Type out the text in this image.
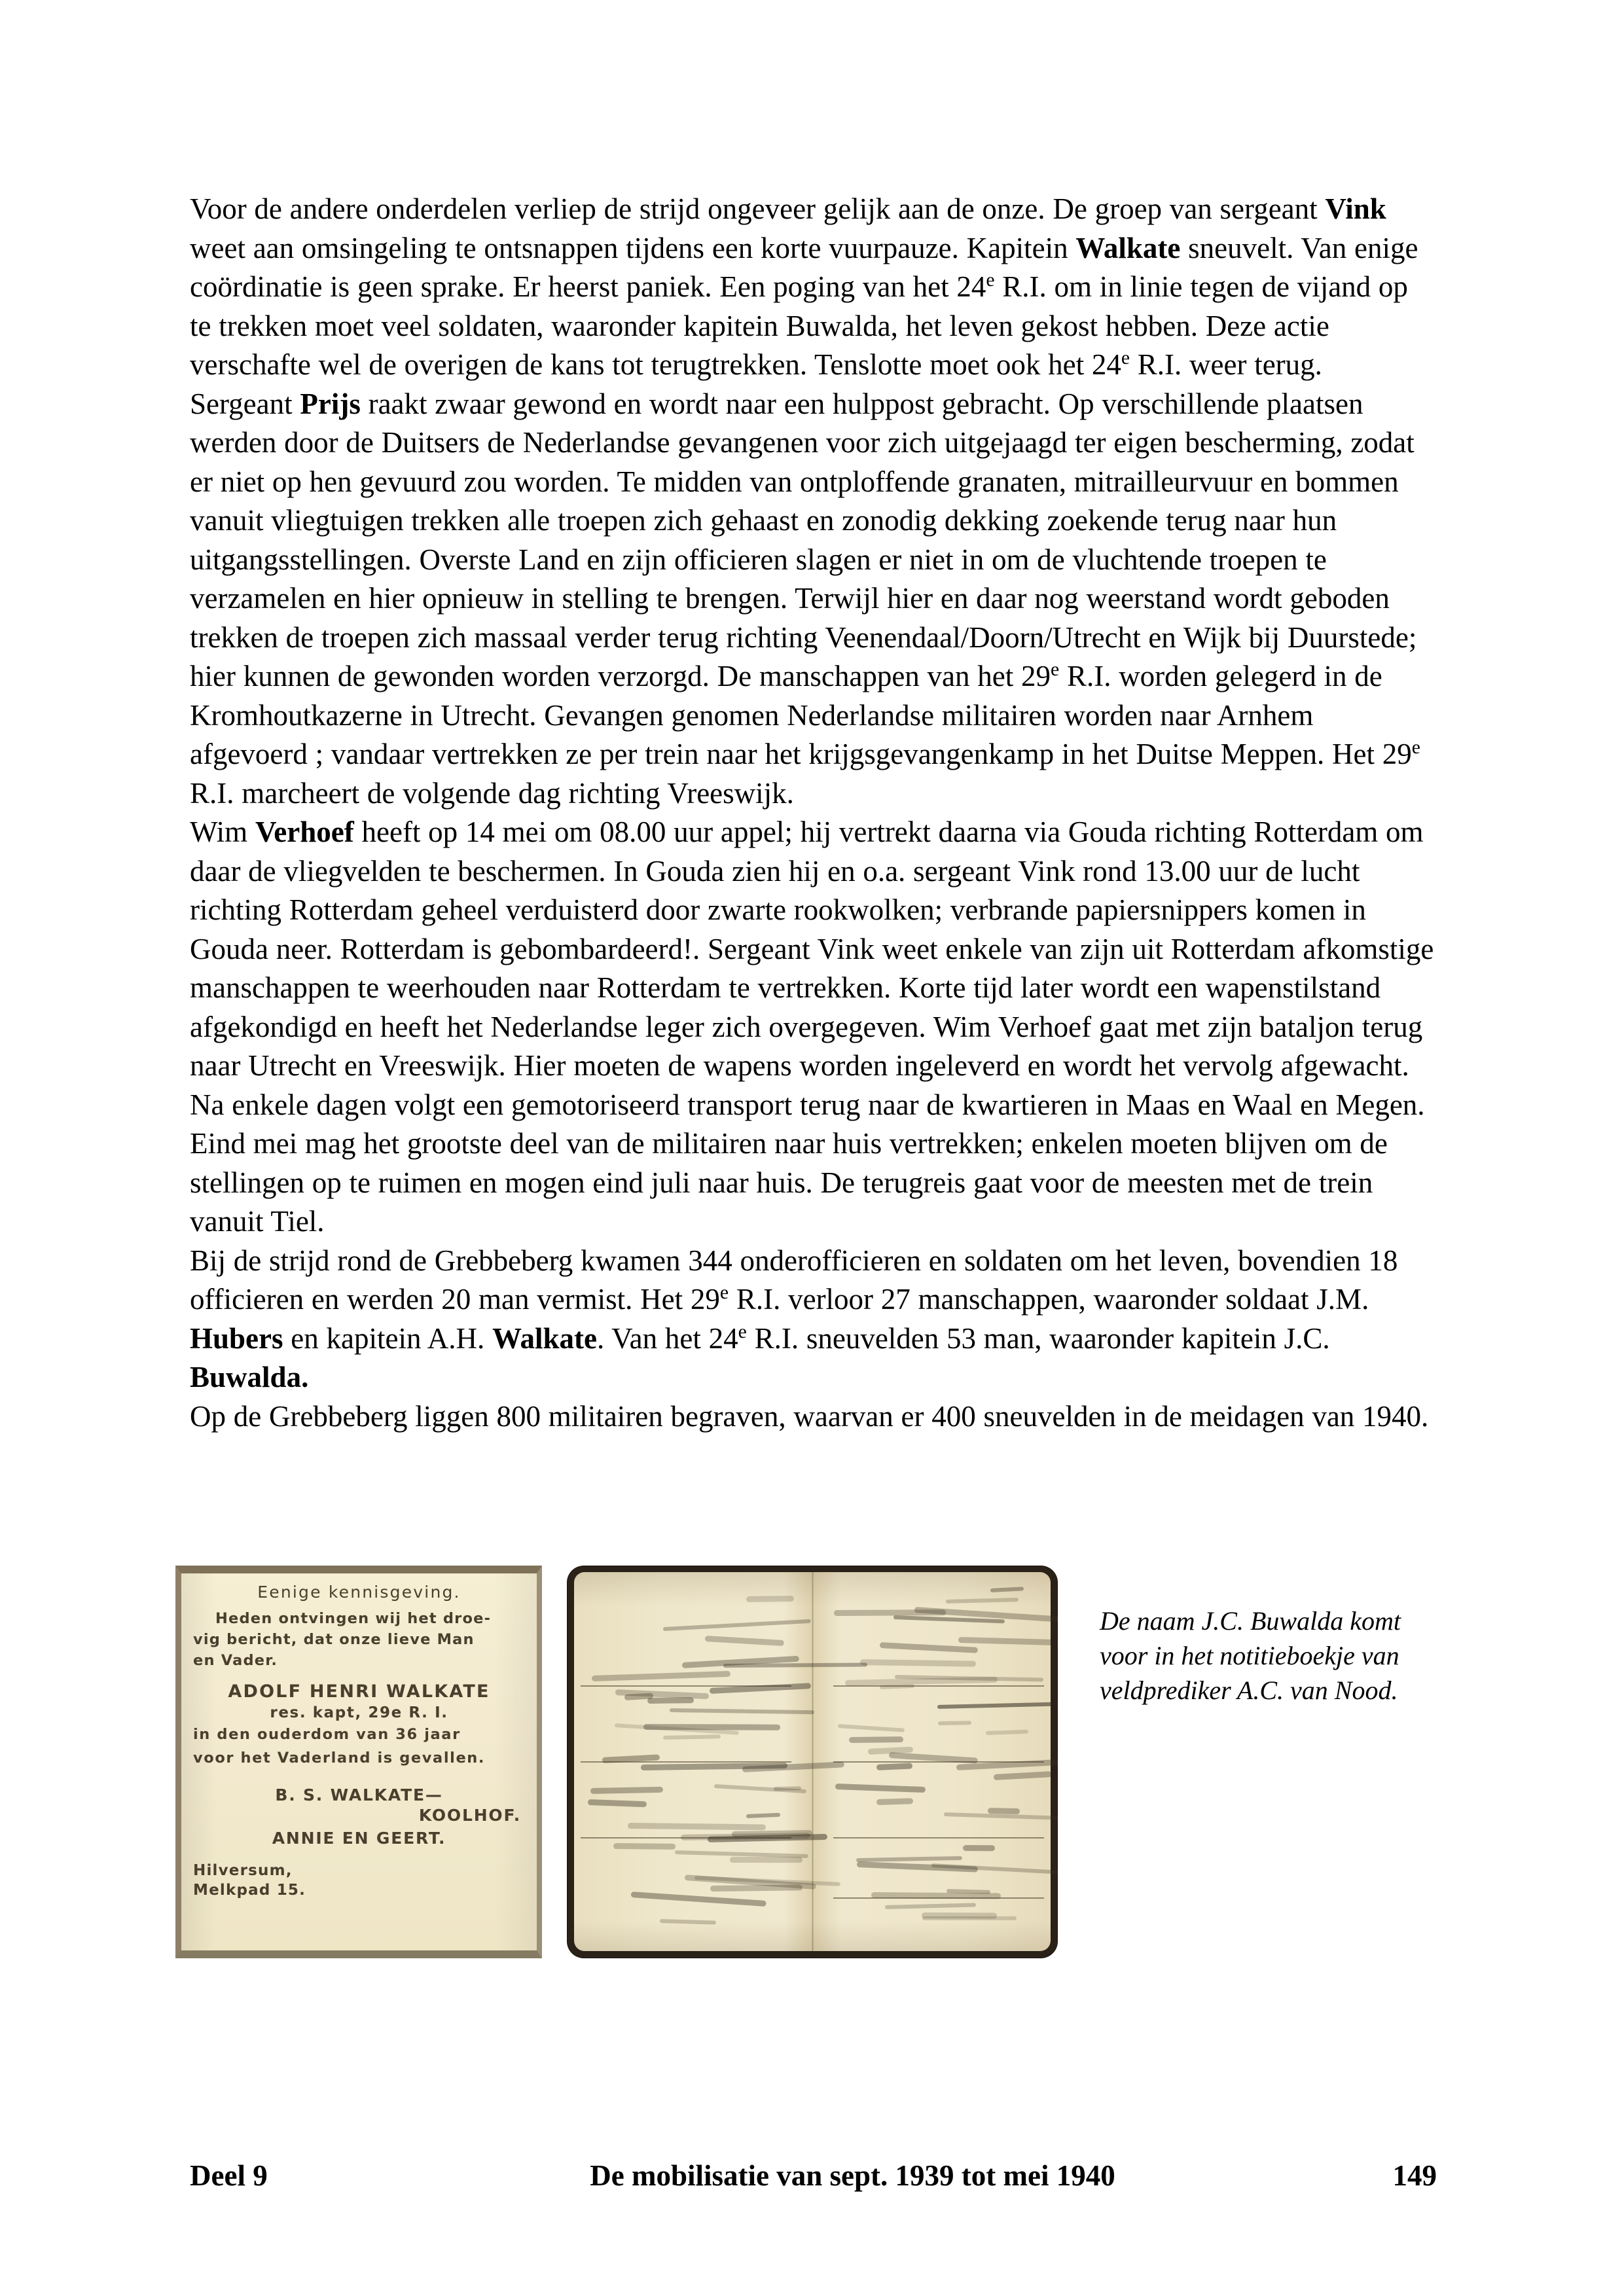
Voor de andere onderdelen verliep de strijd ongeveer gelijk aan de onze. De groep van sergeant Vink weet aan omsingeling te ontsnappen tijdens een korte vuurpauze. Kapitein Walkate sneuvelt. Van enige coördinatie is geen sprake. Er heerst paniek. Een poging van het 24e R.I. om in linie tegen de vijand op te trekken moet veel soldaten, waaronder kapitein Buwalda, het leven gekost hebben. Deze actie verschafte wel de overigen de kans tot terugtrekken. Tenslotte moet ook het 24e R.I. weer terug.

Sergeant Prijs raakt zwaar gewond en wordt naar een hulppost gebracht. Op verschillende plaatsen werden door de Duitsers de Nederlandse gevangenen voor zich uitgejaagd ter eigen bescherming, zodat er niet op hen gevuurd zou worden. Te midden van ontploffende granaten, mitrailleurvuur en bommen vanuit vliegtuigen trekken alle troepen zich gehaast en zonodig dekking zoekende terug naar hun uitgangsstellingen. Overste Land en zijn officieren slagen er niet in om de vluchtende troepen te verzamelen en hier opnieuw in stelling te brengen. Terwijl hier en daar nog weerstand wordt geboden trekken de troepen zich massaal verder terug richting Veenendaal/Doorn/Utrecht en Wijk bij Duurstede; hier kunnen de gewonden worden verzorgd. De manschappen van het 29e R.I. worden gelegerd in de Kromhoutkazerne in Utrecht. Gevangen genomen Nederlandse militairen worden naar Arnhem afgevoerd ; vandaar vertrekken ze per trein naar het krijgsgevangenkamp in het Duitse Meppen. Het 29e R.I. marcheert de volgende dag richting Vreeswijk.

Wim Verhoef heeft op 14 mei om 08.00 uur appel; hij vertrekt daarna via Gouda richting Rotterdam om daar de vliegvelden te beschermen. In Gouda zien hij en o.a. sergeant Vink rond 13.00 uur de lucht richting Rotterdam geheel verduisterd door zwarte rookwolken; verbrande papiersnippers komen in Gouda neer. Rotterdam is gebombardeerd!. Sergeant Vink weet enkele van zijn uit Rotterdam afkomstige manschappen te weerhouden naar Rotterdam te vertrekken. Korte tijd later wordt een wapenstilstand afgekondigd en heeft het Nederlandse leger zich overgegeven. Wim Verhoef gaat met zijn bataljon terug naar Utrecht en Vreeswijk. Hier moeten de wapens worden ingeleverd en wordt het vervolg afgewacht. Na enkele dagen volgt een gemotoriseerd transport terug naar de kwartieren in Maas en Waal en Megen. Eind mei mag het grootste deel van de militairen naar huis vertrekken; enkelen moeten blijven om de stellingen op te ruimen en mogen eind juli naar huis. De terugreis gaat voor de meesten met de trein vanuit Tiel.

Bij de strijd rond de Grebbeberg kwamen 344 onderofficieren en soldaten om het leven, bovendien 18 officieren en werden 20 man vermist. Het 29e R.I. verloor 27 manschappen, waaronder soldaat J.M. Hubers en kapitein A.H. Walkate. Van het 24e R.I. sneuvelden 53 man, waaronder kapitein J.C. Buwalda.

Op de Grebbeberg liggen 800 militairen begraven, waarvan er 400 sneuvelden in de meidagen van 1940.

Eenige kennisgeving.
Heden ontvingen wij het droe-
vig bericht, dat onze lieve Man
en Vader.
ADOLF HENRI WALKATE
res. kapt, 29e R. I.
in den ouderdom van 36 jaar
voor het Vaderland is gevallen.
B. S. WALKATE—
KOOLHOF.
ANNIE EN GEERT.
Hilversum,
Melkpad 15.
De naam J.C. Buwalda komt voor in het notitieboekje van veldprediker A.C. van Nood.
Deel 9	De mobilisatie van sept. 1939 tot mei 1940	149
